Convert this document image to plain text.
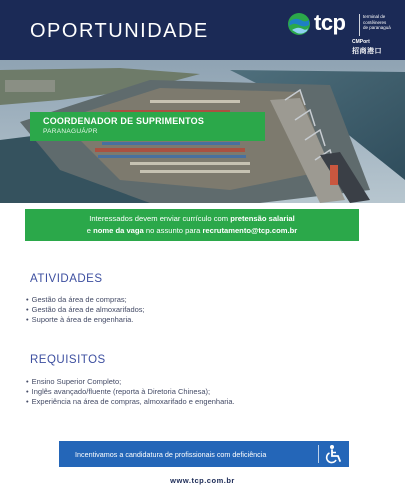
OPORTUNIDADE	tcp	terminal de
contêineres
de paranaguá
CMPort
招商港口
COORDENADOR DE SUPRIMENTOS
PARANAGUÁ/PR
Interessados devem enviar currículo com pretensão salarial
e nome da vaga no assunto para recrutamento@tcp.com.br
ATIVIDADES
• Gestão da área de compras;
• Gestão da área de almoxarifados;
• Suporte à área de engenharia.
REQUISITOS
• Ensino Superior Completo;
• Inglês avançado/fluente (reporta à Diretoria Chinesa);
• Experiência na área de compras, almoxarifado e engenharia.
Incentivamos a candidatura de profissionais com deficiência
www.tcp.com.br
